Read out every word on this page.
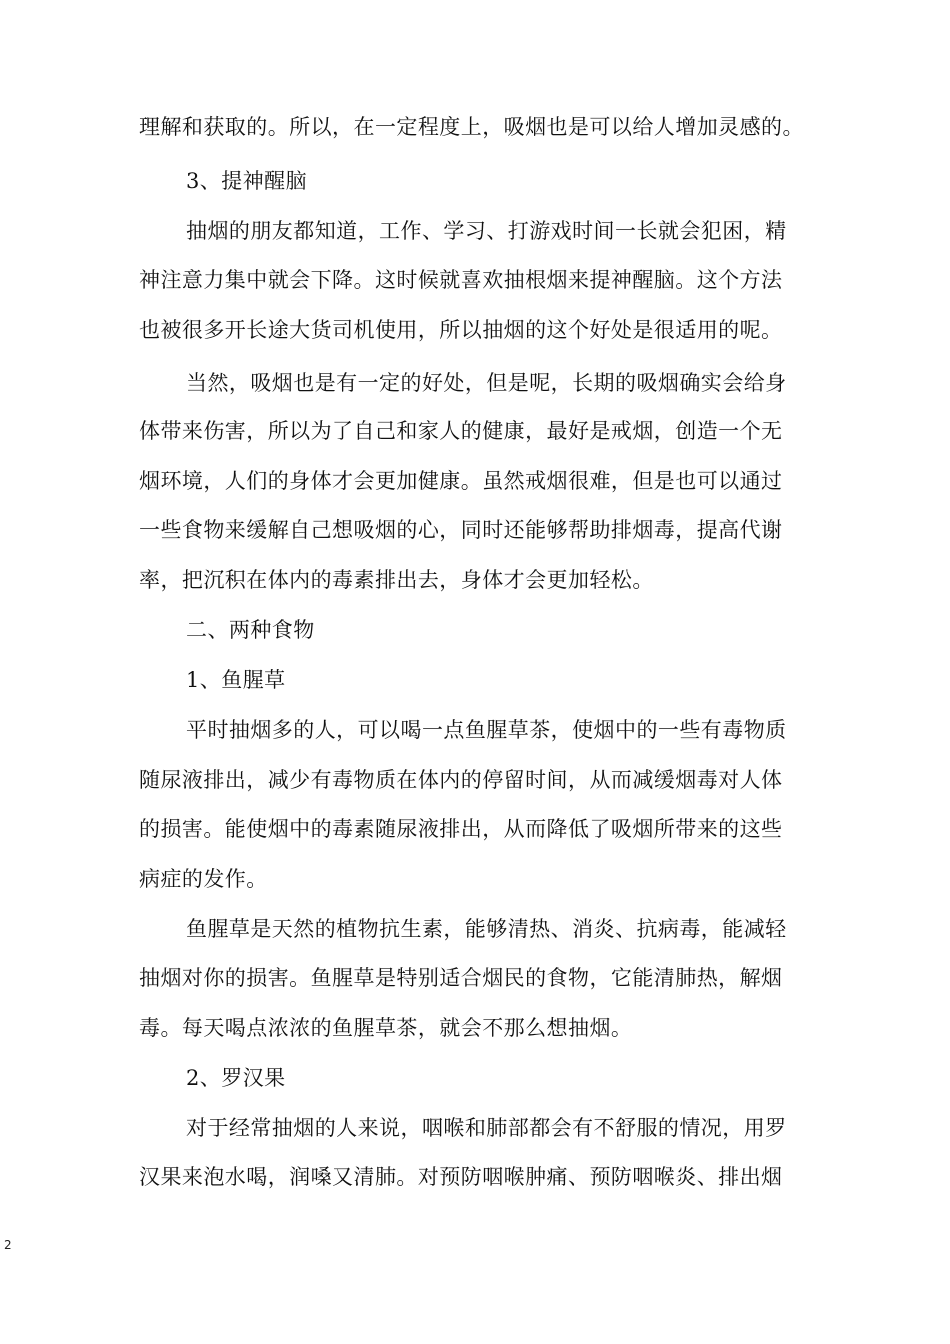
理解和获取的。所以，在一定程度上，吸烟也是可以给人增加灵感的。
3、提神醒脑
抽烟的朋友都知道，工作、学习、打游戏时间一长就会犯困，精
神注意力集中就会下降。这时候就喜欢抽根烟来提神醒脑。这个方法
也被很多开长途大货司机使用，所以抽烟的这个好处是很适用的呢。
当然，吸烟也是有一定的好处，但是呢，长期的吸烟确实会给身
体带来伤害，所以为了自己和家人的健康，最好是戒烟，创造一个无
烟环境，人们的身体才会更加健康。虽然戒烟很难，但是也可以通过
一些食物来缓解自己想吸烟的心，同时还能够帮助排烟毒，提高代谢
率，把沉积在体内的毒素排出去，身体才会更加轻松。
二、两种食物
1、鱼腥草
平时抽烟多的人，可以喝一点鱼腥草茶，使烟中的一些有毒物质
随尿液排出，减少有毒物质在体内的停留时间，从而减缓烟毒对人体
的损害。能使烟中的毒素随尿液排出，从而降低了吸烟所带来的这些
病症的发作。
鱼腥草是天然的植物抗生素，能够清热、消炎、抗病毒，能减轻
抽烟对你的损害。鱼腥草是特别适合烟民的食物，它能清肺热，解烟
毒。每天喝点浓浓的鱼腥草茶，就会不那么想抽烟。
2、罗汉果
对于经常抽烟的人来说，咽喉和肺部都会有不舒服的情况，用罗
汉果来泡水喝，润嗓又清肺。对预防咽喉肿痛、预防咽喉炎、排出烟
2
